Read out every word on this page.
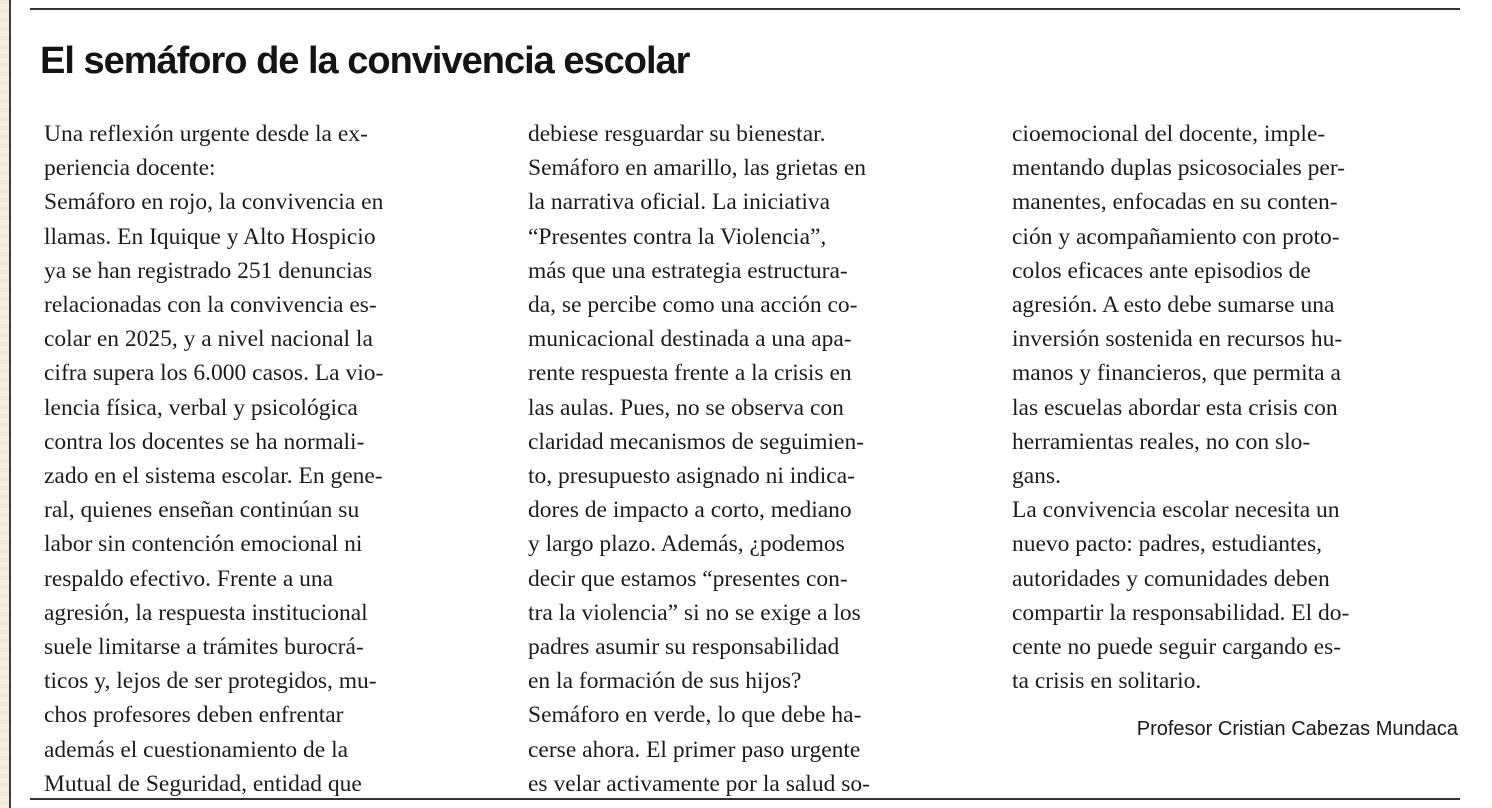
El semáforo de la convivencia escolar
Una reflexión urgente desde la ex-
periencia docente:
Semáforo en rojo, la convivencia en
llamas. En Iquique y Alto Hospicio
ya se han registrado 251 denuncias
relacionadas con la convivencia es-
colar en 2025, y a nivel nacional la
cifra supera los 6.000 casos. La vio-
lencia física, verbal y psicológica
contra los docentes se ha normali-
zado en el sistema escolar. En gene-
ral, quienes enseñan continúan su
labor sin contención emocional ni
respaldo efectivo. Frente a una
agresión, la respuesta institucional
suele limitarse a trámites burocrá-
ticos y, lejos de ser protegidos, mu-
chos profesores deben enfrentar
además el cuestionamiento de la
Mutual de Seguridad, entidad que
debiese resguardar su bienestar.
Semáforo en amarillo, las grietas en
la narrativa oficial. La iniciativa
“Presentes contra la Violencia”,
más que una estrategia estructura-
da, se percibe como una acción co-
municacional destinada a una apa-
rente respuesta frente a la crisis en
las aulas. Pues, no se observa con
claridad mecanismos de seguimien-
to, presupuesto asignado ni indica-
dores de impacto a corto, mediano
y largo plazo. Además, ¿podemos
decir que estamos “presentes con-
tra la violencia” si no se exige a los
padres asumir su responsabilidad
en la formación de sus hijos?
Semáforo en verde, lo que debe ha-
cerse ahora. El primer paso urgente
es velar activamente por la salud so-
cioemocional del docente, imple-
mentando duplas psicosociales per-
manentes, enfocadas en su conten-
ción y acompañamiento con proto-
colos eficaces ante episodios de
agresión. A esto debe sumarse una
inversión sostenida en recursos hu-
manos y financieros, que permita a
las escuelas abordar esta crisis con
herramientas reales, no con slo-
gans.
La convivencia escolar necesita un
nuevo pacto: padres, estudiantes,
autoridades y comunidades deben
compartir la responsabilidad. El do-
cente no puede seguir cargando es-
ta crisis en solitario.
Profesor Cristian Cabezas Mundaca
